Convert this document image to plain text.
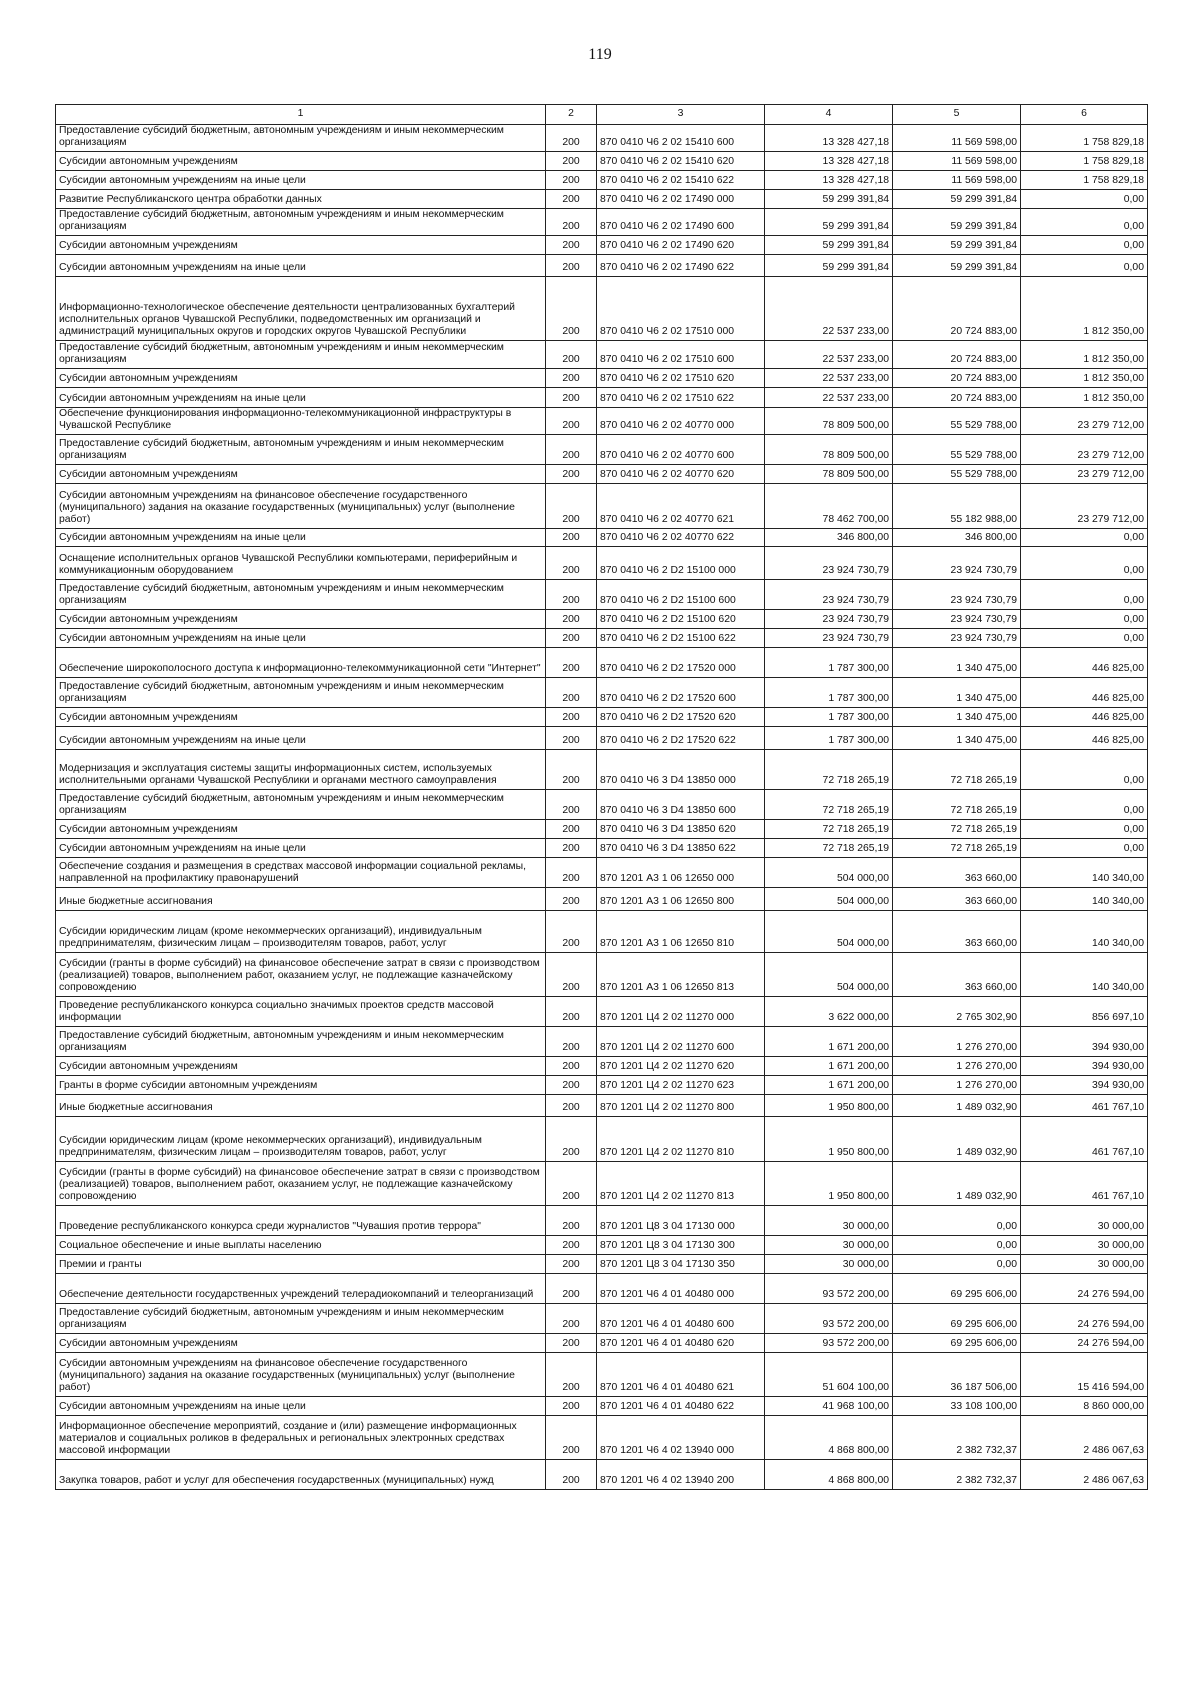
119
1	2	3	4	5	6
Предоставление субсидий бюджетным, автономным учреждениям и иным некоммерческим организациям	200	870 0410 Ч6 2 02 15410 600	13 328 427,18	11 569 598,00	1 758 829,18
Субсидии автономным учреждениям	200	870 0410 Ч6 2 02 15410 620	13 328 427,18	11 569 598,00	1 758 829,18
Субсидии автономным учреждениям на иные цели	200	870 0410 Ч6 2 02 15410 622	13 328 427,18	11 569 598,00	1 758 829,18
Развитие Республиканского центра обработки данных	200	870 0410 Ч6 2 02 17490 000	59 299 391,84	59 299 391,84	0,00
Предоставление субсидий бюджетным, автономным учреждениям и иным некоммерческим организациям	200	870 0410 Ч6 2 02 17490 600	59 299 391,84	59 299 391,84	0,00
Субсидии автономным учреждениям	200	870 0410 Ч6 2 02 17490 620	59 299 391,84	59 299 391,84	0,00
Субсидии автономным учреждениям на иные цели	200	870 0410 Ч6 2 02 17490 622	59 299 391,84	59 299 391,84	0,00
Информационно-технологическое обеспечение деятельности централизованных бухгалтерий исполнительных органов Чувашской Республики, подведомственных им организаций и администраций муниципальных округов и городских округов Чувашской Республики	200	870 0410 Ч6 2 02 17510 000	22 537 233,00	20 724 883,00	1 812 350,00
Предоставление субсидий бюджетным, автономным учреждениям и иным некоммерческим организациям	200	870 0410 Ч6 2 02 17510 600	22 537 233,00	20 724 883,00	1 812 350,00
Субсидии автономным учреждениям	200	870 0410 Ч6 2 02 17510 620	22 537 233,00	20 724 883,00	1 812 350,00
Субсидии автономным учреждениям на иные цели	200	870 0410 Ч6 2 02 17510 622	22 537 233,00	20 724 883,00	1 812 350,00
Обеспечение функционирования информационно-телекоммуникационной инфраструктуры в Чувашской Республике	200	870 0410 Ч6 2 02 40770 000	78 809 500,00	55 529 788,00	23 279 712,00
Предоставление субсидий бюджетным, автономным учреждениям и иным некоммерческим организациям	200	870 0410 Ч6 2 02 40770 600	78 809 500,00	55 529 788,00	23 279 712,00
Субсидии автономным учреждениям	200	870 0410 Ч6 2 02 40770 620	78 809 500,00	55 529 788,00	23 279 712,00
Субсидии автономным учреждениям на финансовое обеспечение государственного (муниципального) задания на оказание государственных (муниципальных) услуг (выполнение работ)	200	870 0410 Ч6 2 02 40770 621	78 462 700,00	55 182 988,00	23 279 712,00
Субсидии автономным учреждениям на иные цели	200	870 0410 Ч6 2 02 40770 622	346 800,00	346 800,00	0,00
Оснащение исполнительных органов Чувашской Республики компьютерами, периферийным и коммуникационным оборудованием	200	870 0410 Ч6 2 D2 15100 000	23 924 730,79	23 924 730,79	0,00
Предоставление субсидий бюджетным, автономным учреждениям и иным некоммерческим организациям	200	870 0410 Ч6 2 D2 15100 600	23 924 730,79	23 924 730,79	0,00
Субсидии автономным учреждениям	200	870 0410 Ч6 2 D2 15100 620	23 924 730,79	23 924 730,79	0,00
Субсидии автономным учреждениям на иные цели	200	870 0410 Ч6 2 D2 15100 622	23 924 730,79	23 924 730,79	0,00
Обеспечение широкополосного доступа к информационно-телекоммуникационной сети "Интернет"	200	870 0410 Ч6 2 D2 17520 000	1 787 300,00	1 340 475,00	446 825,00
Предоставление субсидий бюджетным, автономным учреждениям и иным некоммерческим организациям	200	870 0410 Ч6 2 D2 17520 600	1 787 300,00	1 340 475,00	446 825,00
Субсидии автономным учреждениям	200	870 0410 Ч6 2 D2 17520 620	1 787 300,00	1 340 475,00	446 825,00
Субсидии автономным учреждениям на иные цели	200	870 0410 Ч6 2 D2 17520 622	1 787 300,00	1 340 475,00	446 825,00
Модернизация и эксплуатация системы защиты информационных систем, используемых исполнительными органами Чувашской Республики и органами местного самоуправления	200	870 0410 Ч6 3 D4 13850 000	72 718 265,19	72 718 265,19	0,00
Предоставление субсидий бюджетным, автономным учреждениям и иным некоммерческим организациям	200	870 0410 Ч6 3 D4 13850 600	72 718 265,19	72 718 265,19	0,00
Субсидии автономным учреждениям	200	870 0410 Ч6 3 D4 13850 620	72 718 265,19	72 718 265,19	0,00
Субсидии автономным учреждениям на иные цели	200	870 0410 Ч6 3 D4 13850 622	72 718 265,19	72 718 265,19	0,00
Обеспечение создания и размещения в средствах массовой информации социальной рекламы, направленной на профилактику правонарушений	200	870 1201 А3 1 06 12650 000	504 000,00	363 660,00	140 340,00
Иные бюджетные ассигнования	200	870 1201 А3 1 06 12650 800	504 000,00	363 660,00	140 340,00
Субсидии юридическим лицам (кроме некоммерческих организаций), индивидуальным предпринимателям, физическим лицам – производителям товаров, работ, услуг	200	870 1201 А3 1 06 12650 810	504 000,00	363 660,00	140 340,00
Субсидии (гранты в форме субсидий) на финансовое обеспечение затрат в связи с производством (реализацией) товаров, выполнением работ, оказанием услуг, не подлежащие казначейскому сопровождению	200	870 1201 А3 1 06 12650 813	504 000,00	363 660,00	140 340,00
Проведение республиканского конкурса социально значимых проектов средств массовой информации	200	870 1201 Ц4 2 02 11270 000	3 622 000,00	2 765 302,90	856 697,10
Предоставление субсидий бюджетным, автономным учреждениям и иным некоммерческим организациям	200	870 1201 Ц4 2 02 11270 600	1 671 200,00	1 276 270,00	394 930,00
Субсидии автономным учреждениям	200	870 1201 Ц4 2 02 11270 620	1 671 200,00	1 276 270,00	394 930,00
Гранты в форме субсидии автономным учреждениям	200	870 1201 Ц4 2 02 11270 623	1 671 200,00	1 276 270,00	394 930,00
Иные бюджетные ассигнования	200	870 1201 Ц4 2 02 11270 800	1 950 800,00	1 489 032,90	461 767,10
Субсидии юридическим лицам (кроме некоммерческих организаций), индивидуальным предпринимателям, физическим лицам – производителям товаров, работ, услуг	200	870 1201 Ц4 2 02 11270 810	1 950 800,00	1 489 032,90	461 767,10
Субсидии (гранты в форме субсидий) на финансовое обеспечение затрат в связи с производством (реализацией) товаров, выполнением работ, оказанием услуг, не подлежащие казначейскому сопровождению	200	870 1201 Ц4 2 02 11270 813	1 950 800,00	1 489 032,90	461 767,10
Проведение республиканского конкурса среди журналистов "Чувашия против террора"	200	870 1201 Ц8 3 04 17130 000	30 000,00	0,00	30 000,00
Социальное обеспечение и иные выплаты населению	200	870 1201 Ц8 3 04 17130 300	30 000,00	0,00	30 000,00
Премии и гранты	200	870 1201 Ц8 3 04 17130 350	30 000,00	0,00	30 000,00
Обеспечение деятельности государственных учреждений телерадиокомпаний и телеорганизаций	200	870 1201 Ч6 4 01 40480 000	93 572 200,00	69 295 606,00	24 276 594,00
Предоставление субсидий бюджетным, автономным учреждениям и иным некоммерческим организациям	200	870 1201 Ч6 4 01 40480 600	93 572 200,00	69 295 606,00	24 276 594,00
Субсидии автономным учреждениям	200	870 1201 Ч6 4 01 40480 620	93 572 200,00	69 295 606,00	24 276 594,00
Субсидии автономным учреждениям на финансовое обеспечение государственного (муниципального) задания на оказание государственных (муниципальных) услуг (выполнение работ)	200	870 1201 Ч6 4 01 40480 621	51 604 100,00	36 187 506,00	15 416 594,00
Субсидии автономным учреждениям на иные цели	200	870 1201 Ч6 4 01 40480 622	41 968 100,00	33 108 100,00	8 860 000,00
Информационное обеспечение мероприятий, создание и (или) размещение информационных материалов и социальных роликов в федеральных и региональных электронных средствах массовой информации	200	870 1201 Ч6 4 02 13940 000	4 868 800,00	2 382 732,37	2 486 067,63
Закупка товаров, работ и услуг для обеспечения государственных (муниципальных) нужд	200	870 1201 Ч6 4 02 13940 200	4 868 800,00	2 382 732,37	2 486 067,63
